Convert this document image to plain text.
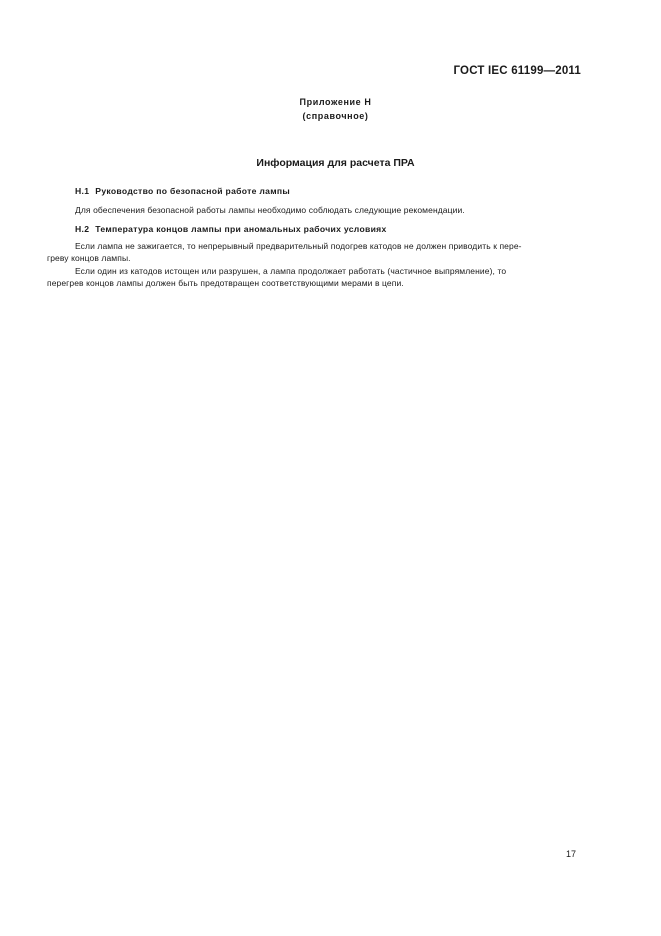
ГОСТ IEC 61199—2011
Приложение Н
(справочное)
Информация для расчета ПРА
Н.1 Руководство по безопасной работе лампы
Для обеспечения безопасной работы лампы необходимо соблюдать следующие рекомендации.
Н.2 Температура концов лампы при аномальных рабочих условиях
Если лампа не зажигается, то непрерывный предварительный подогрев катодов не должен приводить к пере-
греву концов лампы.
Если один из катодов истощен или разрушен, а лампа продолжает работать (частичное выпрямление), то
перегрев концов лампы должен быть предотвращен соответствующими мерами в цепи.
17
